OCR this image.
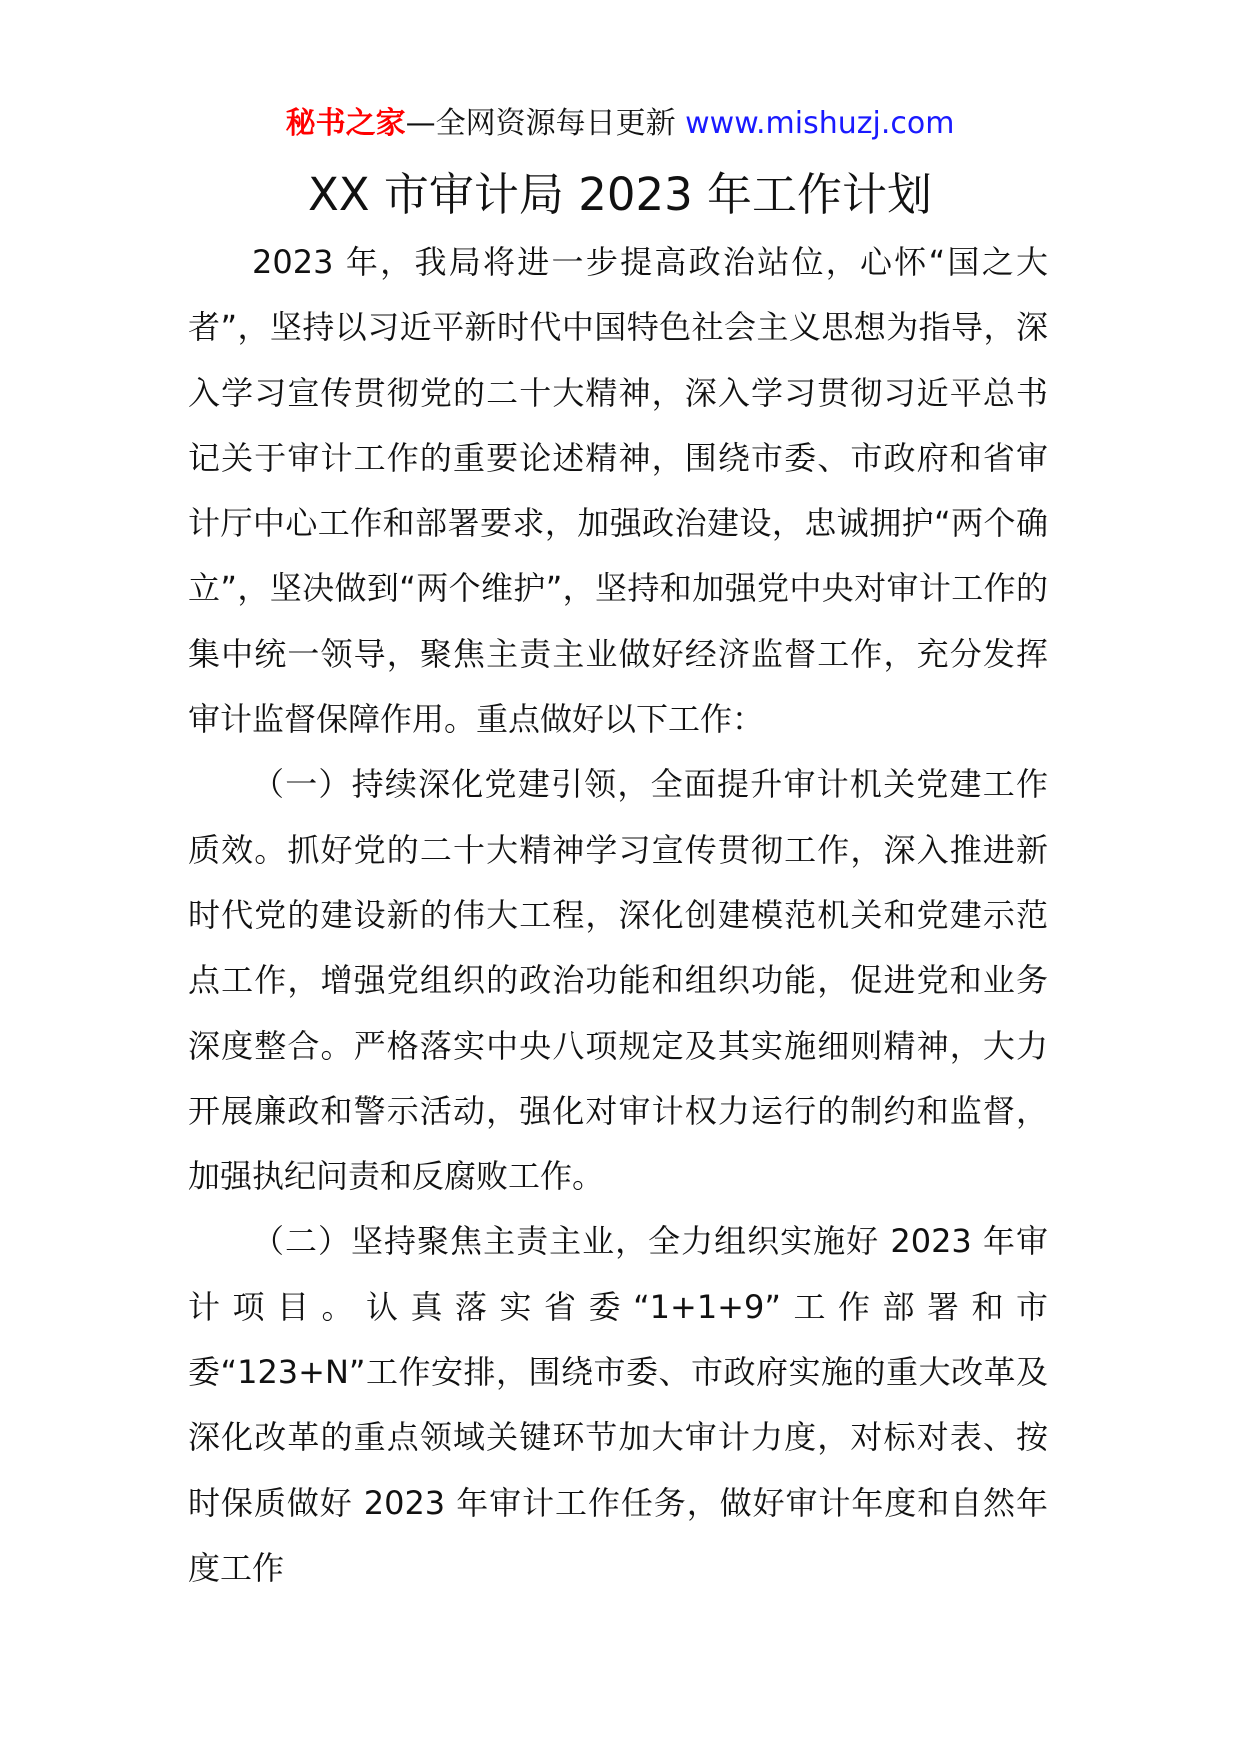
秘书之家—全网资源每日更新 www.mishuzj.com
XX 市审计局 2023 年工作计划

2023 年，我局将进一步提高政治站位，心怀“国之大者”，坚持以习近平新时代中国特色社会主义思想为指导，深入学习宣传贯彻党的二十大精神，深入学习贯彻习近平总书记关于审计工作的重要论述精神，围绕市委、市政府和省审计厅中心工作和部署要求，加强政治建设，忠诚拥护“两个确立”，坚决做到“两个维护”，坚持和加强党中央对审计工作的集中统一领导，聚焦主责主业做好经济监督工作，充分发挥审计监督保障作用。重点做好以下工作：

（一）持续深化党建引领，全面提升审计机关党建工作质效。抓好党的二十大精神学习宣传贯彻工作，深入推进新时代党的建设新的伟大工程，深化创建模范机关和党建示范点工作，增强党组织的政治功能和组织功能，促进党和业务深度整合。严格落实中央八项规定及其实施细则精神，大力开展廉政和警示活动，强化对审计权力运行的制约和监督，加强执纪问责和反腐败工作。

（二）坚持聚焦主责主业，全力组织实施好 2023 年审计项目。认真落实省委“1+1+9”工作部署和市委“123+N”工作安排，围绕市委、市政府实施的重大改革及深化改革的重点领域关键环节加大审计力度，对标对表、按时保质做好 2023 年审计工作任务，做好审计年度和自然年度工作
